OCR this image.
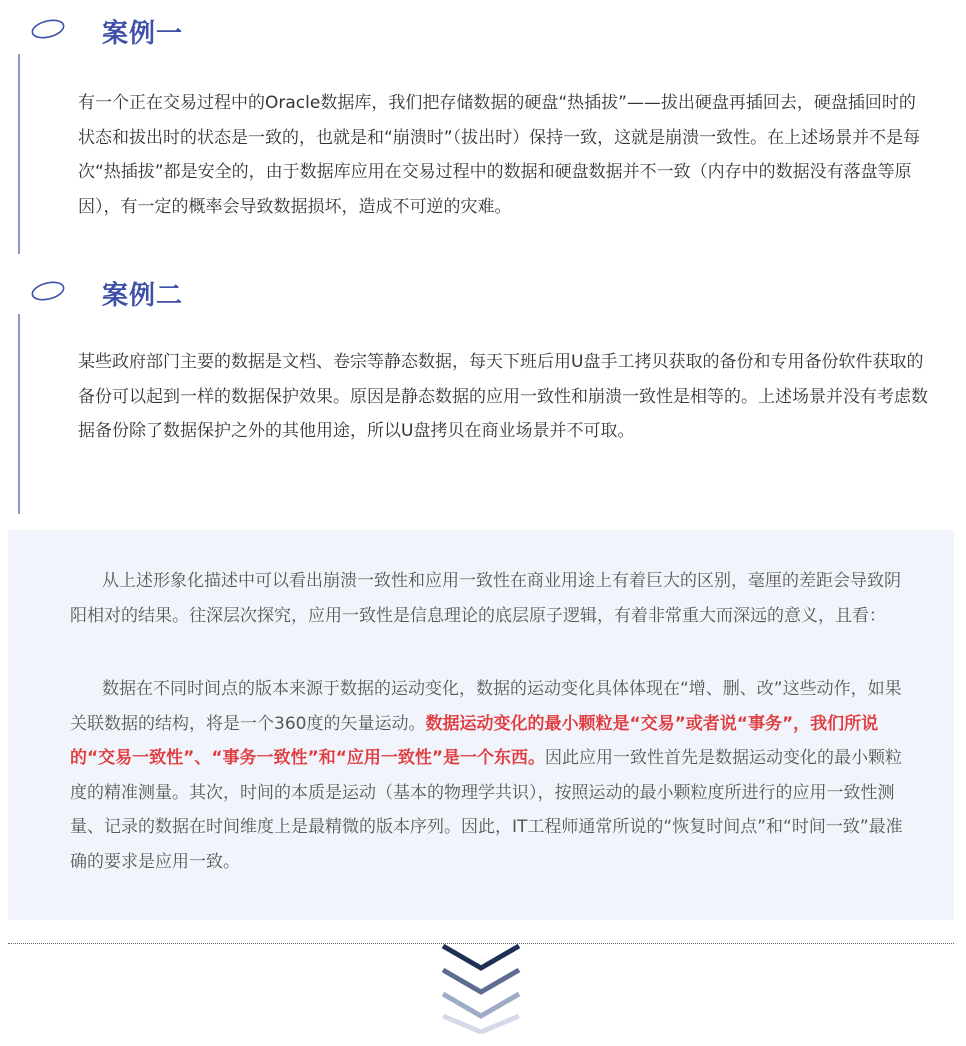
案例一

有一个正在交易过程中的Oracle数据库，我们把存储数据的硬盘“热插拔”——拔出硬盘再插回去，硬盘插回时的状态和拔出时的状态是一致的，也就是和“崩溃时”（拔出时）保持一致，这就是崩溃一致性。在上述场景并不是每次“热插拔”都是安全的，由于数据库应用在交易过程中的数据和硬盘数据并不一致（内存中的数据没有落盘等原因），有一定的概率会导致数据损坏，造成不可逆的灾难。

案例二

某些政府部门主要的数据是文档、卷宗等静态数据，每天下班后用U盘手工拷贝获取的备份和专用备份软件获取的备份可以起到一样的数据保护效果。原因是静态数据的应用一致性和崩溃一致性是相等的。上述场景并没有考虑数据备份除了数据保护之外的其他用途，所以U盘拷贝在商业场景并不可取。

从上述形象化描述中可以看出崩溃一致性和应用一致性在商业用途上有着巨大的区别，毫厘的差距会导致阴阳相对的结果。往深层次探究，应用一致性是信息理论的底层原子逻辑，有着非常重大而深远的意义，且看：

数据在不同时间点的版本来源于数据的运动变化，数据的运动变化具体体现在“增、删、改”这些动作，如果关联数据的结构，将是一个360度的矢量运动。数据运动变化的最小颗粒是“交易”或者说“事务”，我们所说的“交易一致性”、“事务一致性”和“应用一致性”是一个东西。因此应用一致性首先是数据运动变化的最小颗粒度的精准测量。其次，时间的本质是运动（基本的物理学共识），按照运动的最小颗粒度所进行的应用一致性测量、记录的数据在时间维度上是最精微的版本序列。因此，IT工程师通常所说的“恢复时间点”和“时间一致”最准确的要求是应用一致。
